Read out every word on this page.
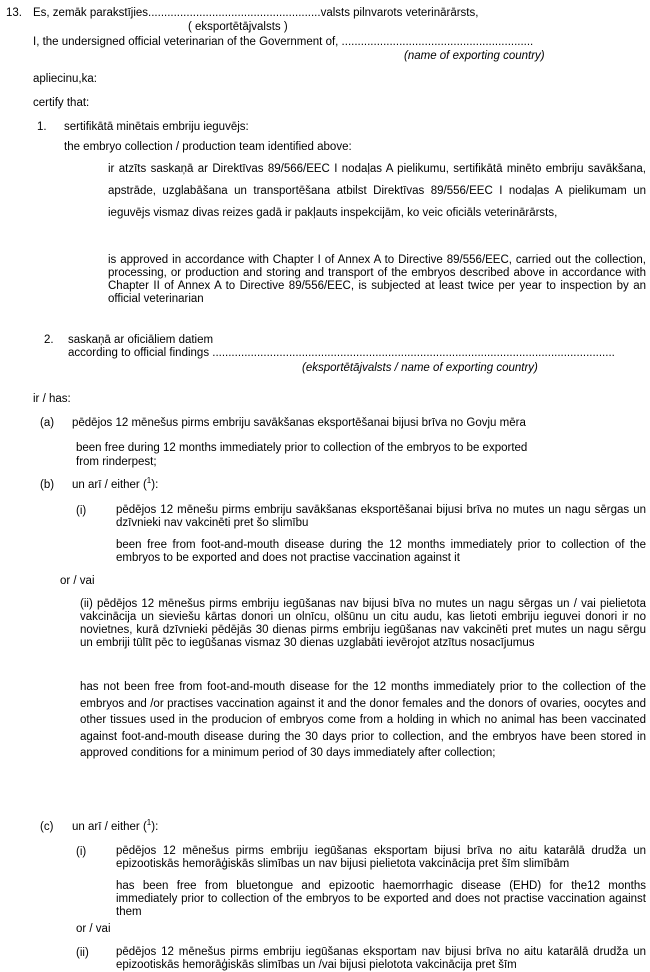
13. Es, zemāk parakstījies......................................................valsts pilnvarots veterinārārsts,
( eksportētājvalsts )
I, the undersigned official veterinarian of the Government of, ............................................................
(name of exporting country)
apliecinu,ka:
certify that:
1. sertifikātā minētais embriju ieguvējs:
the embryo collection / production team identified above:
ir atzīts saskaņā ar Direktīvas 89/566/EEC I nodaļas A pielikumu, sertifikātā minēto embriju savākšana, apstrāde, uzglabāšana un transportēšana atbilst Direktīvas 89/556/EEC I nodaļas A pielikumam un ieguvējs vismaz divas reizes gadā ir pakļauts inspekcijām, ko veic oficiāls veterinārārsts,
is approved in accordance with Chapter I of Annex A to Directive 89/556/EEC, carried out the collection, processing, or production and storing and transport of the embryos described above in accordance with Chapter II of Annex A to Directive 89/556/EEC, is subjected at least twice per year to inspection by an official veterinarian
2. saskaņā ar oficiāliem datiem
according to official findings ..............................................................................................................................
(eksportētājvalsts / name of exporting country)
ir / has:
(a) pēdējos 12 mēnešus pirms embriju savākšanas eksportēšanai bijusi brīva no Govju mēra
been free during 12 months immediately prior to collection of the embryos to be exported
from rinderpest;
(b) un arī / either ($^1$):
(i)	pēdējos 12 mēnešu pirms embriju savākšanas eksportēšanai bijusi brīva no mutes un nagu sērgas un dzīvnieki nav vakcinēti pret šo slimību
been free from foot-and-mouth disease during the 12 months immediately prior to collection of the embryos to be exported and does not practise vaccination against it
or / vai
(ii) pēdējos 12 mēnešus pirms embriju iegūšanas nav bijusi bīva no mutes un nagu sērgas un / vai pielietota vakcinācija un sieviešu kārtas donori un olnīcu, olšūnu un citu audu, kas lietoti embriju ieguvei donori ir no novietnes, kurā dzīvnieki pēdējās 30 dienas pirms embriju iegūšanas nav vakcinēti pret mutes un nagu sērgu un embriji tūlīt pēc to iegūšanas vismaz 30 dienas uzglabāti ievērojot atzītus nosacījumus
has not been free from foot-and-mouth disease for the 12 months immediately prior to the collection of the embryos and /or practises vaccination against it and the donor females and the donors of ovaries, oocytes and other tissues used in the producion of embryos come from a holding in which no animal has been vaccinated against foot-and-mouth disease during the 30 days prior to collection, and the embryos have been stored in approved conditions for a minimum period of 30 days immediately after collection;
(c) un arī / either ($^1$):
(i)	pēdējos 12 mēnešus pirms embriju iegūšanas eksportam bijusi brīva no aitu katarālā drudža un epizootiskās hemorāģiskās slimības un nav bijusi pielietota vakcinācija pret šīm slimībām
has been free from bluetongue and epizootic haemorrhagic disease (EHD) for the12 months immediately prior to collection of the embryos to be exported and does not practise vaccination against them
or / vai
(ii) pēdējos 12 mēnešus pirms embriju iegūšanas eksportam nav bijusi brīva no aitu katarālā drudža un epizootiskās hemorāģiskās slimības un /vai bijusi pielotota vakcinācija pret šīm
